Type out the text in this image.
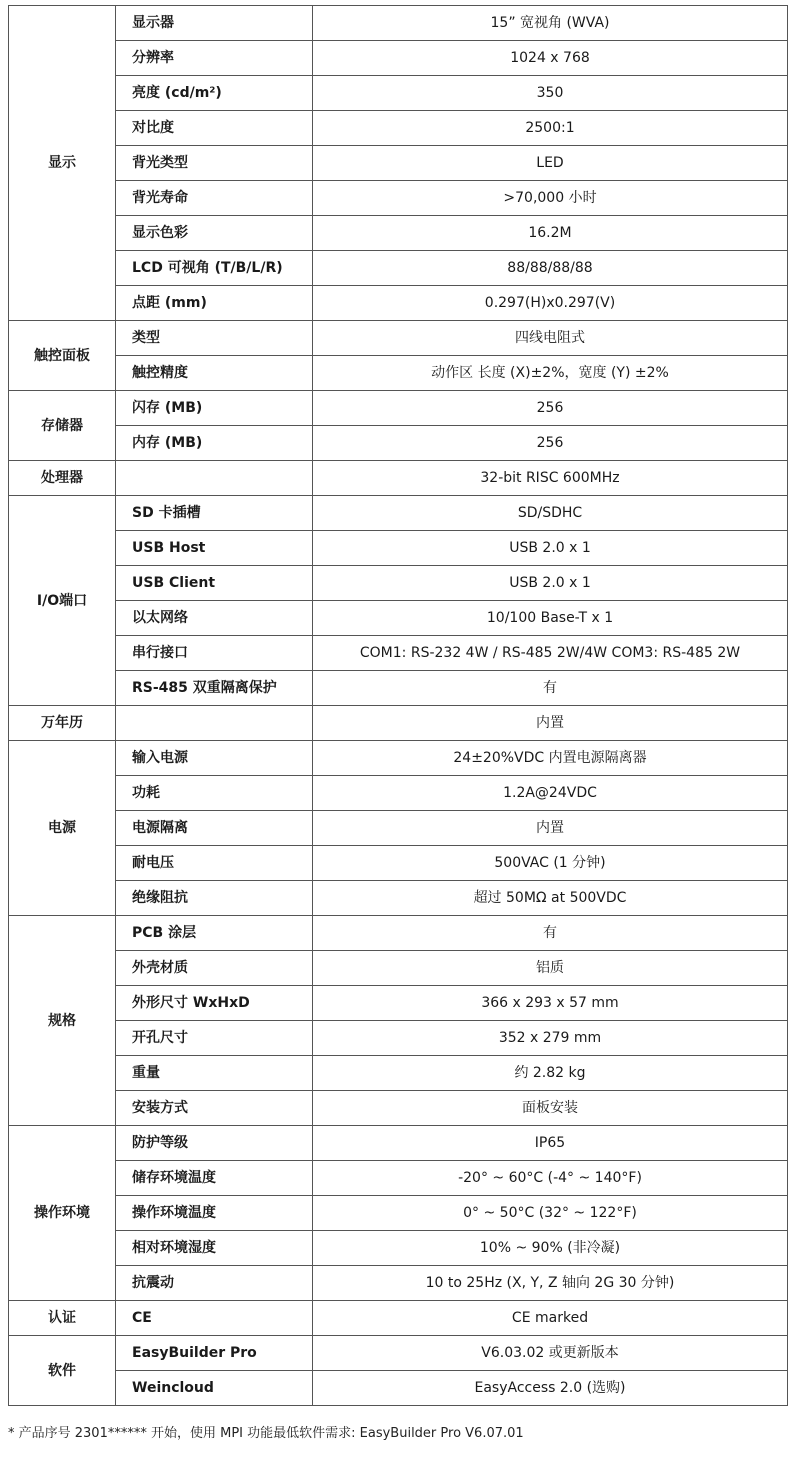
显示	显示器	15” 宽视角 (WVA)
	分辨率	1024 x 768
	亮度 (cd/m²)	350
	对比度	2500:1
	背光类型	LED
	背光寿命	>70,000 小时
	显示色彩	16.2M
	LCD 可视角 (T/B/L/R)	88/88/88/88
	点距 (mm)	0.297(H)x0.297(V)
触控面板	类型	四线电阻式
	触控精度	动作区 长度 (X)±2%，宽度 (Y) ±2%
存储器	闪存 (MB)	256
	内存 (MB)	256
处理器		32-bit RISC 600MHz
I/O端口	SD 卡插槽	SD/SDHC
	USB Host	USB 2.0 x 1
	USB Client	USB 2.0 x 1
	以太网络	10/100 Base-T x 1
	串行接口	COM1: RS-232 4W / RS-485 2W/4W COM3: RS-485 2W
	RS-485 双重隔离保护	有
万年历		内置
电源	输入电源	24±20%VDC 内置电源隔离器
	功耗	1.2A@24VDC
	电源隔离	内置
	耐电压	500VAC (1 分钟)
	绝缘阻抗	超过 50MΩ at 500VDC
规格	PCB 涂层	有
	外壳材质	铝质
	外形尺寸 WxHxD	366 x 293 x 57 mm
	开孔尺寸	352 x 279 mm
	重量	约 2.82 kg
	安装方式	面板安装
操作环境	防护等级	IP65
	储存环境温度	-20° ~ 60°C (-4° ~ 140°F)
	操作环境温度	0° ~ 50°C (32° ~ 122°F)
	相对环境湿度	10% ~ 90% (非冷凝)
	抗震动	10 to 25Hz (X, Y, Z 轴向 2G 30 分钟)
认证	CE	CE marked
软件	EasyBuilder Pro	V6.03.02 或更新版本
	Weincloud	EasyAccess 2.0 (选购)
* 产品序号 2301****** 开始，使用 MPI 功能最低软件需求: EasyBuilder Pro V6.07.01
